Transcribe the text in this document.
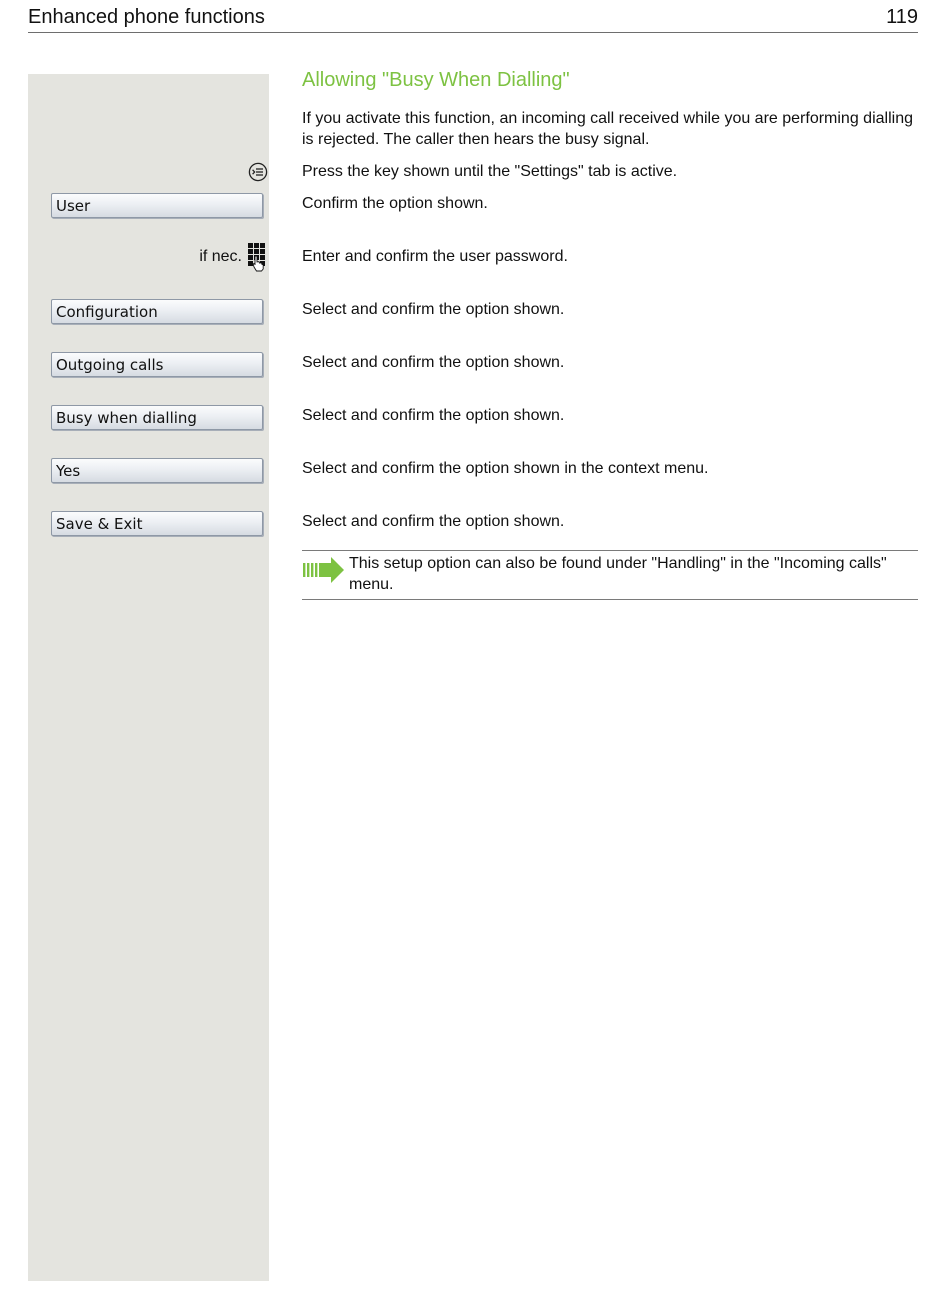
Enhanced phone functions	119
User
if nec.
Configuration
Outgoing calls
Busy when dialling
Yes
Save & Exit
Allowing "Busy When Dialling"
If you activate this function, an incoming call received while you are performing dialling is rejected. The caller then hears the busy signal.
Press the key shown until the "Settings" tab is active.
Confirm the option shown.
Enter and confirm the user password.
Select and confirm the option shown.
Select and confirm the option shown.
Select and confirm the option shown.
Select and confirm the option shown in the context menu.
Select and confirm the option shown.
This setup option can also be found under "Handling" in the "Incoming calls" menu.
